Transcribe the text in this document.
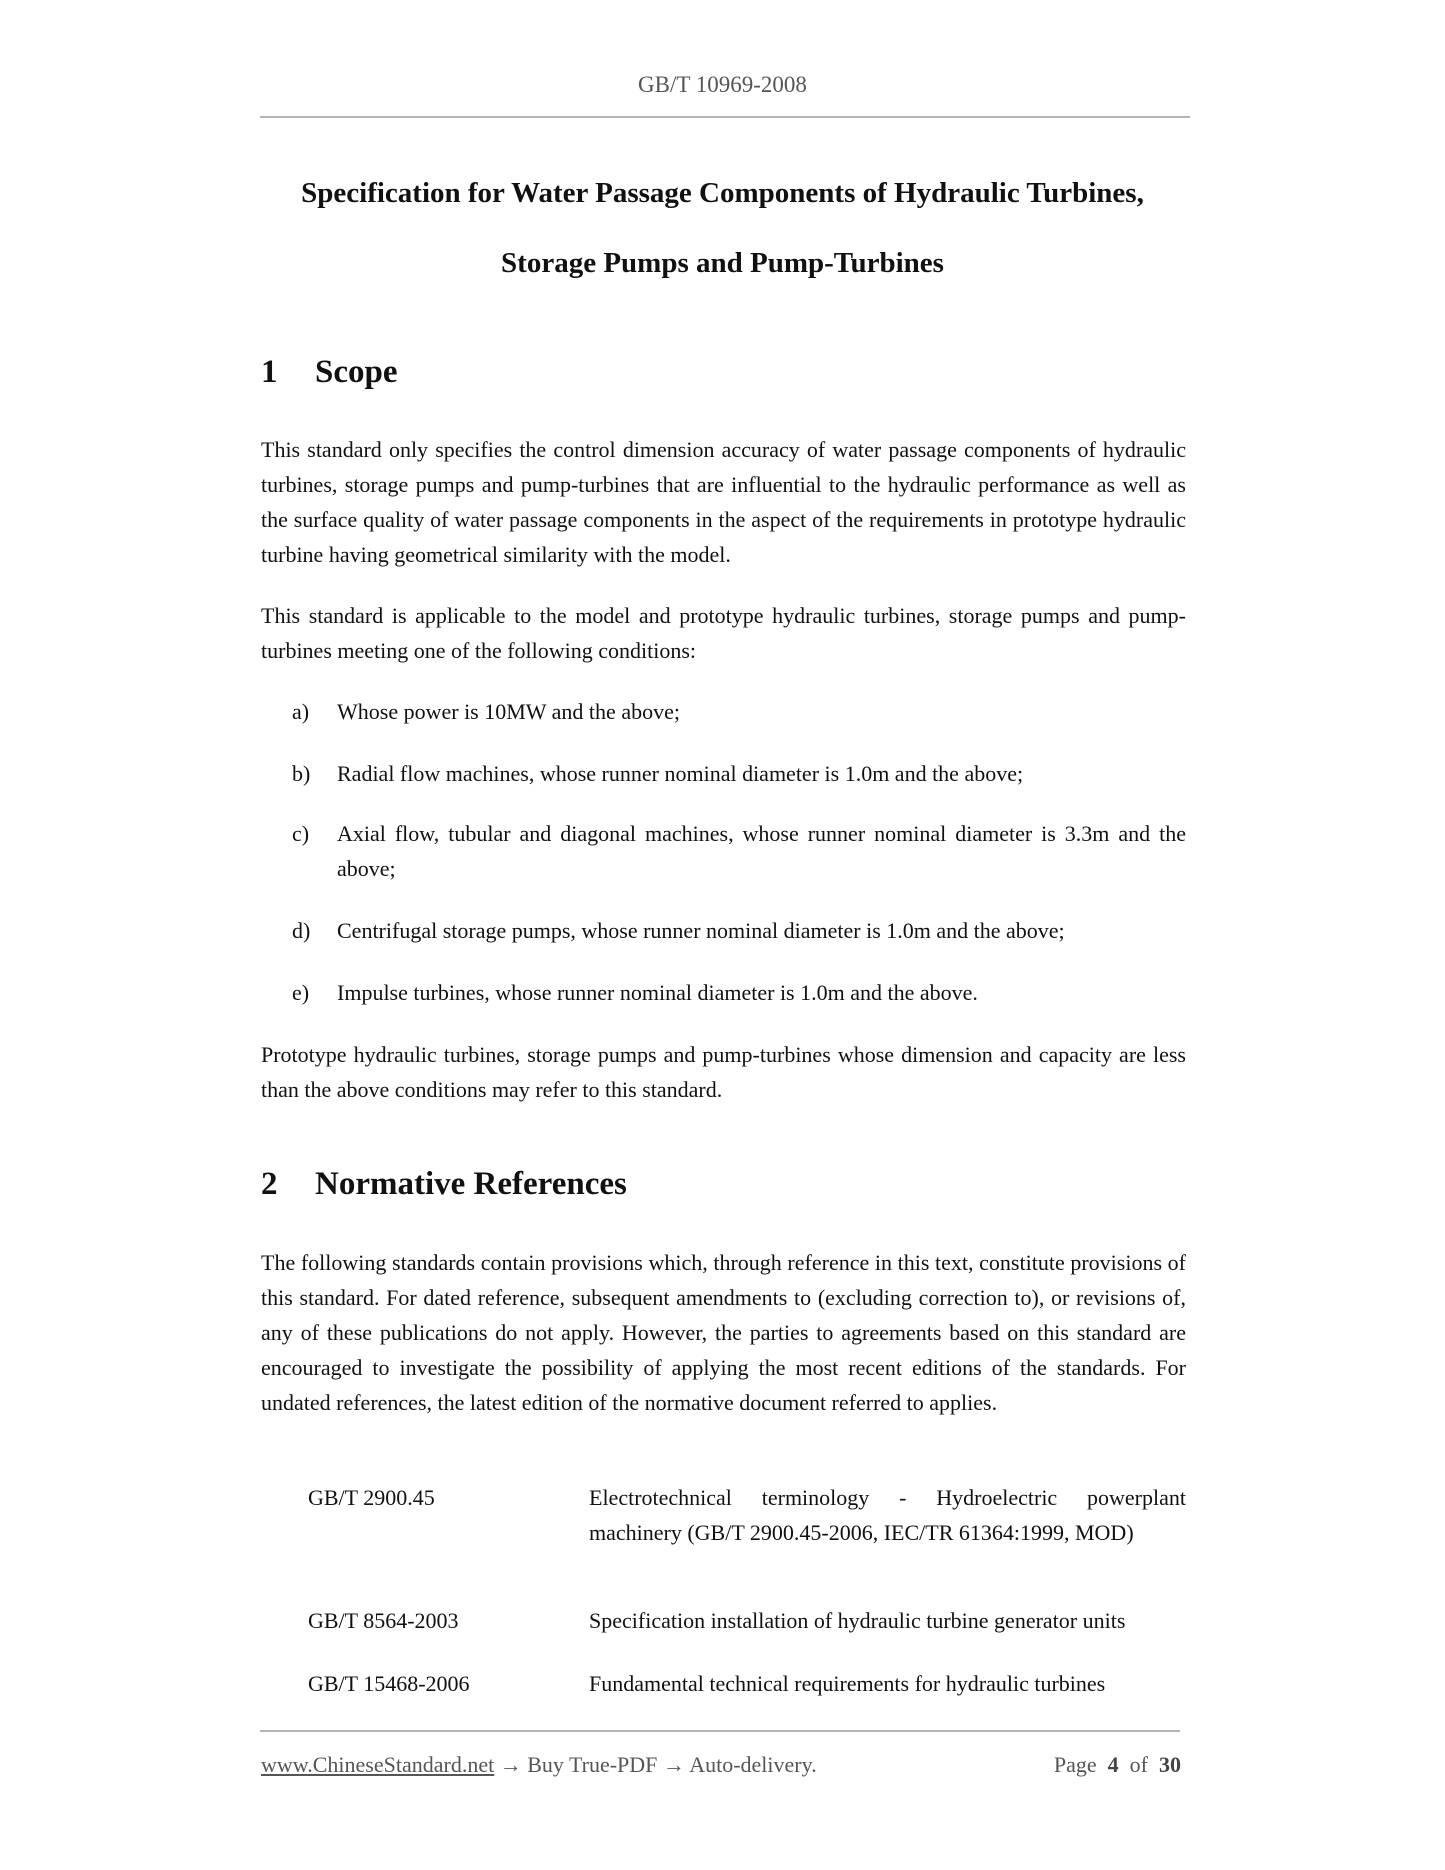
GB/T 10969-2008
Specification for Water Passage Components of Hydraulic Turbines,
Storage Pumps and Pump-Turbines
1 Scope
This standard only specifies the control dimension accuracy of water passage components of hydraulic turbines, storage pumps and pump-turbines that are influential to the hydraulic performance as well as the surface quality of water passage components in the aspect of the requirements in prototype hydraulic turbine having geometrical similarity with the model.
This standard is applicable to the model and prototype hydraulic turbines, storage pumps and pump-turbines meeting one of the following conditions:
a)	Whose power is 10MW and the above;
b)	Radial flow machines, whose runner nominal diameter is 1.0m and the above;
c)	Axial flow, tubular and diagonal machines, whose runner nominal diameter is 3.3m and the above;
d)	Centrifugal storage pumps, whose runner nominal diameter is 1.0m and the above;
e)	Impulse turbines, whose runner nominal diameter is 1.0m and the above.
Prototype hydraulic turbines, storage pumps and pump-turbines whose dimension and capacity are less than the above conditions may refer to this standard.
2 Normative References
The following standards contain provisions which, through reference in this text, constitute provisions of this standard. For dated reference, subsequent amendments to (excluding correction to), or revisions of, any of these publications do not apply. However, the parties to agreements based on this standard are encouraged to investigate the possibility of applying the most recent editions of the standards. For undated references, the latest edition of the normative document referred to applies.
GB/T 2900.45	Electrotechnical terminology - Hydroelectric powerplant machinery (GB/T 2900.45-2006, IEC/TR 61364:1999, MOD)
GB/T 8564-2003	Specification installation of hydraulic turbine generator units
GB/T 15468-2006	Fundamental technical requirements for hydraulic turbines
www.ChineseStandard.net → Buy True-PDF → Auto-delivery.	Page 4 of 30
